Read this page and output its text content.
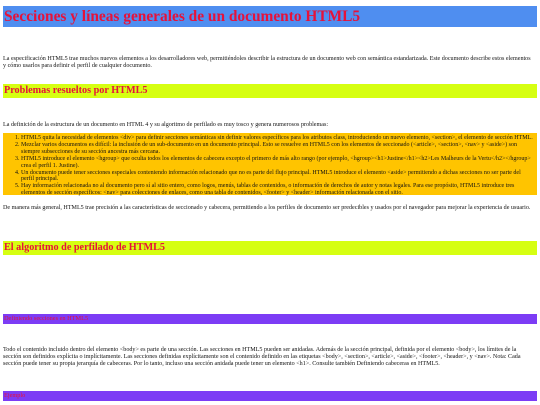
Secciones y líneas generales de un documento HTML5

La especificación HTML5 trae muchos nuevos elementos a los desarrolladores web, permitiéndoles describir la estructura de un documento web con semántica estandarizada. Este documento describe estos elementos y cómo usarlos para definir el perfil de cualquier documento.

Problemas resueltos por HTML5

La definición de la estructura de un documento en HTML 4 y su algoritmo de perfilado es muy tosco y genera numerosos problemas:

1. HTML5 quita la necesidad de elementos <div> para definir secciones semánticas sin definir valores específicos para los atributos class, introduciendo un nuevo elemento, <section>, el elemento de sección HTML.
2. Mezclar varios documentos es difícil: la inclusión de un sub-documento en un documento principal. Esto se resuelve en HTML5 con los elementos de seccionado (<article>, <section>, <nav> y <aside>) son siempre subsecciones de su sección ancestra más cercana.
3. HTML5 introduce el elemento <hgroup> que oculta todos los elementos de cabecera excepto el primero de más alto rango (por ejemplo, <hgroup><h1>Justine</h1><h2>Les Malheurs de la Vertu</h2></hgroup> crea el perfil 1. Justine).
4. Un documento puede tener secciones especiales conteniendo información relacionado que no es parte del flujo principal. HTML5 introduce el elemento <aside> permitiendo a dichas secciones no ser parte del perfil principal.
5. Hay información relacionada no al documento pero sí al sitio entero, como logos, menús, tablas de contenidos, o información de derechos de autor y notas legales. Para ese propósito, HTML5 introduce tres elementos de sección específicos: <nav> para colecciones de enlaces, como una tabla de contenidos, <footer> y <header> información relacionada con el sitio.

De manera más general, HTML5 trae precisión a las características de seccionado y cabecera, permitiendo a los perfiles de documento ser predecibles y usados por el navegador para mejorar la experiencia de usuario.

El algoritmo de perfilado de HTML5
Definiendo secciones en HTML5

Todo el contenido incluido dentro del elemento <body> es parte de una sección. Las secciones en HTML5 pueden ser anidadas. Además de la sección principal, definida por el elemento <body>, los límites de la sección son definidos explícita o implícitamente. Las secciones definidas explícitamente son el contenido definido en las etiquetas <body>, <section>, <article>, <aside>, <footer>, <header>, y <nav>. Nota: Cada sección puede tener su propia jerarquía de cabeceras. Por lo tanto, incluso una sección anidada puede tener un elemento <h1>. Consulte también Definiendo cabeceras en HTML5.

Ejemplo
